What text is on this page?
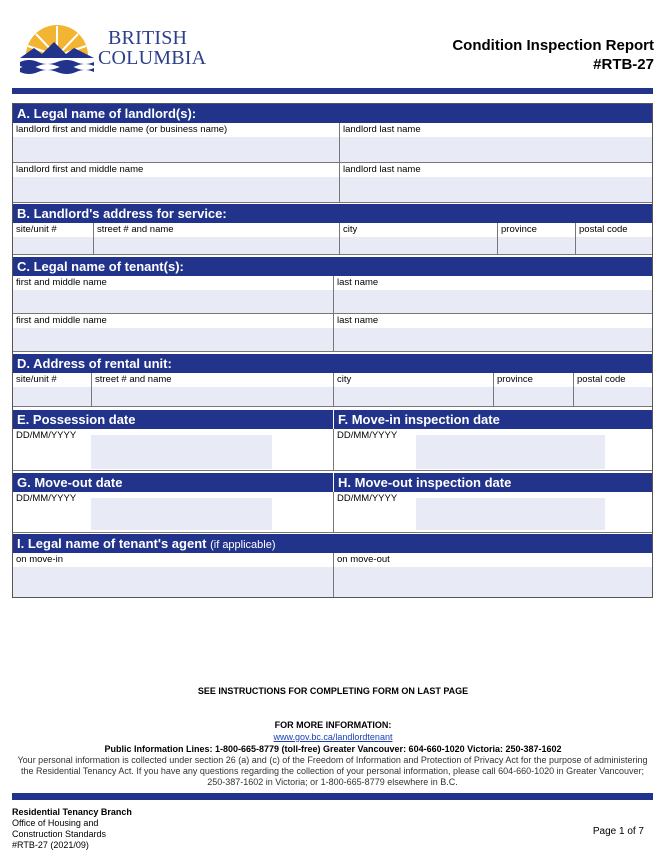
BRITISH
COLUMBIA
Condition Inspection Report
#RTB-27
A. Legal name of landlord(s):
landlord first and middle name (or business name)	landlord last name
landlord first and middle name	landlord last name
B. Landlord's address for service:
site/unit #	street # and name	city	province	postal code
C. Legal name of tenant(s):
first and middle name	last name
first and middle name	last name
D. Address of rental unit:
site/unit #	street # and name	city	province	postal code
E. Possession date	F. Move-in inspection date
DD/MM/YYYY	DD/MM/YYYY
G. Move-out date	H. Move-out inspection date
DD/MM/YYYY	DD/MM/YYYY
I. Legal name of tenant's agent (if applicable)
on move-in	on move-out
SEE INSTRUCTIONS FOR COMPLETING FORM ON LAST PAGE
FOR MORE INFORMATION:
www.gov.bc.ca/landlordtenant
Public Information Lines: 1-800-665-8779 (toll-free) Greater Vancouver: 604-660-1020 Victoria: 250-387-1602
Your personal information is collected under section 26 (a) and (c) of the Freedom of Information and Protection of Privacy Act for the purpose of administering the Residential Tenancy Act. If you have any questions regarding the collection of your personal information, please call 604-660-1020 in Greater Vancouver; 250-387-1602 in Victoria; or 1-800-665-8779 elsewhere in B.C.
Residential Tenancy Branch
Office of Housing and
Construction Standards
#RTB-27 (2021/09)
Page 1 of 7
